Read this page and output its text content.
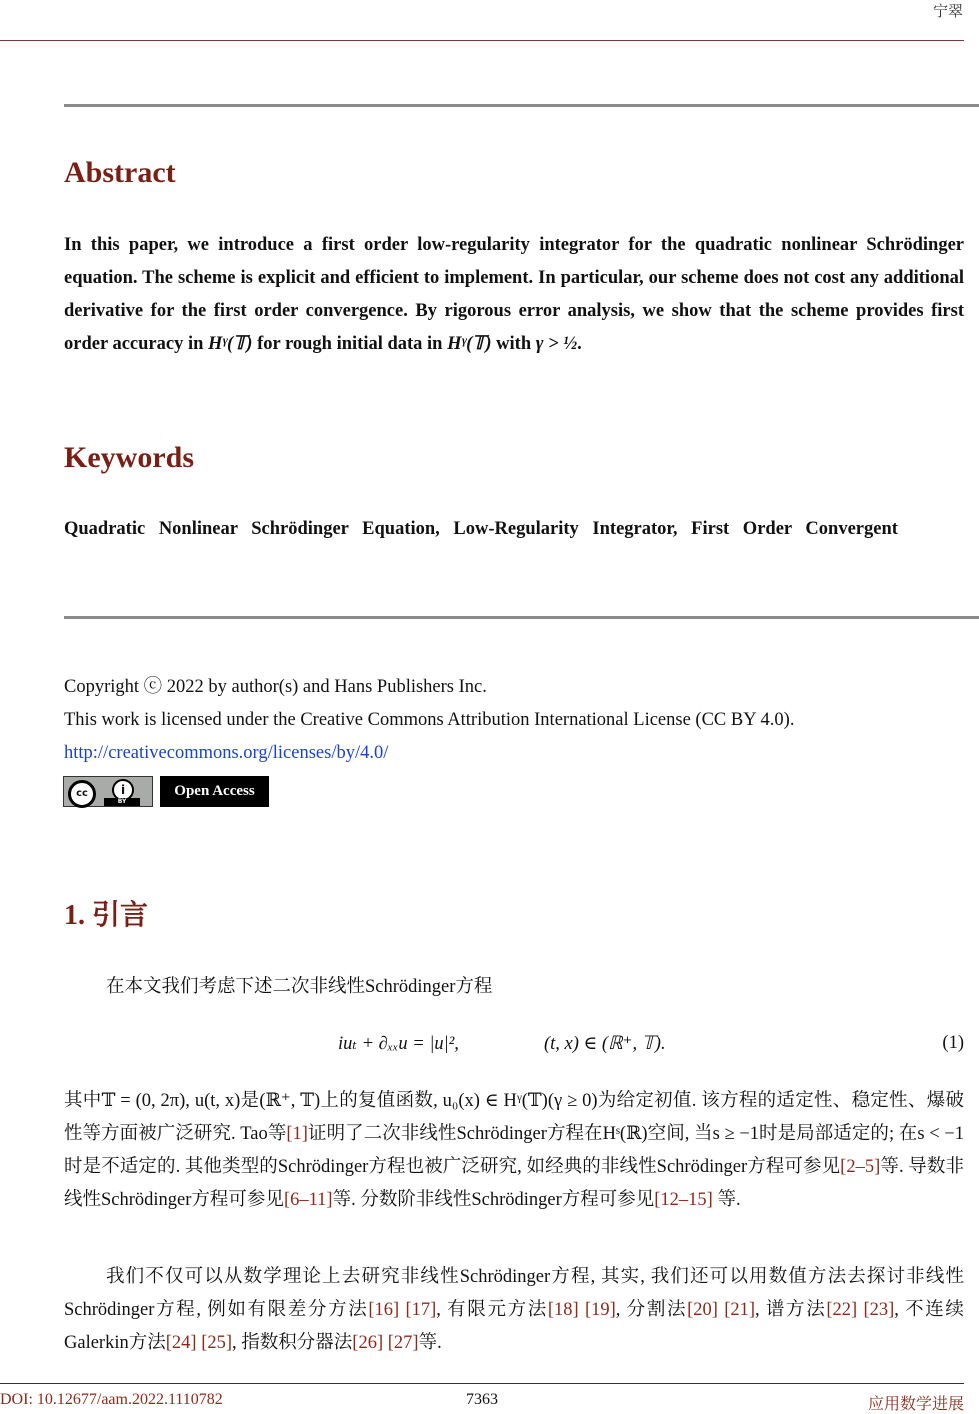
宁翠
Abstract
In this paper, we introduce a first order low-regularity integrator for the quadratic nonlinear Schrödinger equation. The scheme is explicit and efficient to implement. In particular, our scheme does not cost any additional derivative for the first order convergence. By rigorous error analysis, we show that the scheme provides first order accuracy in Hᵞ(𝕋) for rough initial data in Hᵞ(𝕋) with γ > ½.
Keywords
Quadratic Nonlinear Schrödinger Equation, Low-Regularity Integrator, First Order Convergent
Copyright ⓒ 2022 by author(s) and Hans Publishers Inc.
This work is licensed under the Creative Commons Attribution International License (CC BY 4.0).
http://creativecommons.org/licenses/by/4.0/
cc	i
BY
Open Access
1. 引言
在本文我们考虑下述二次非线性Schrödinger方程
iuₜ + ∂ₓₓu = |u|²,	(t, x) ∈ (ℝ⁺, 𝕋).	(1)
其中𝕋 = (0, 2π), u(t, x)是(ℝ⁺, 𝕋)上的复值函数, u₀(x) ∈ Hᵞ(𝕋)(γ ≥ 0)为给定初值. 该方程的适定性、稳定性、爆破性等方面被广泛研究. Tao等[1]证明了二次非线性Schrödinger方程在Hˢ(ℝ)空间, 当s ≥ −1时是局部适定的; 在s < −1 时是不适定的. 其他类型的Schrödinger方程也被广泛研究, 如经典的非线性Schrödinger方程可参见[2–5]等. 导数非线性Schrödinger方程可参见[6–11]等. 分数阶非线性Schrödinger方程可参见[12–15] 等.
我们不仅可以从数学理论上去研究非线性Schrödinger方程, 其实, 我们还可以用数值方法去探讨非线性Schrödinger方程, 例如有限差分方法[16] [17], 有限元方法[18] [19], 分割法[20] [21], 谱方法[22] [23], 不连续Galerkin方法[24] [25], 指数积分器法[26] [27]等.
DOI: 10.12677/aam.2022.1110782	7363	应用数学进展
